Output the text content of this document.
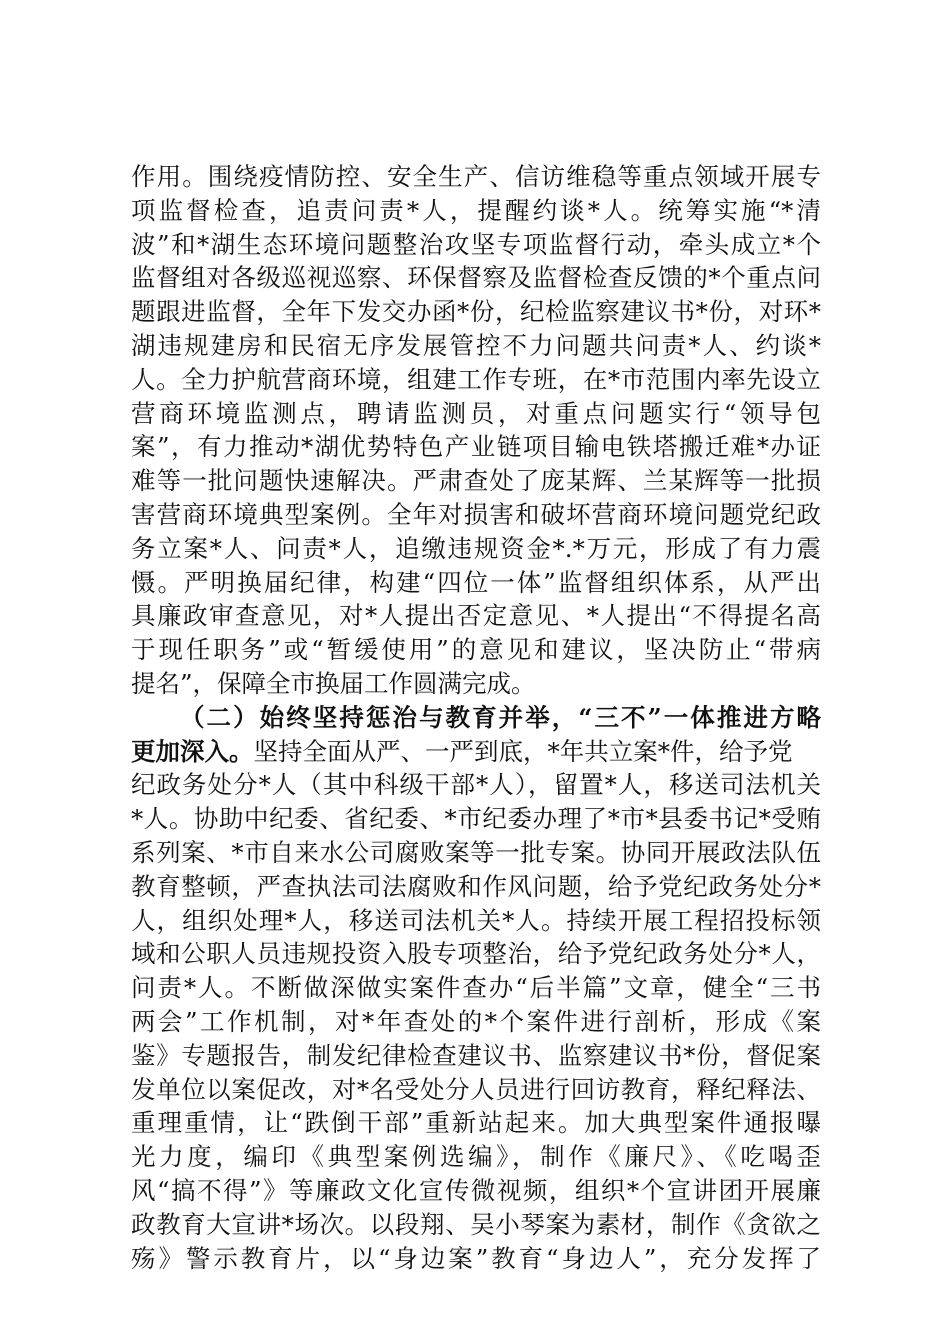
作用。围绕疫情防控、安全生产、信访维稳等重点领域开展专
项监督检查，追责问责*人，提醒约谈*人。统筹实施“*清
波”和*湖生态环境问题整治攻坚专项监督行动，牵头成立*个
监督组对各级巡视巡察、环保督察及监督检查反馈的*个重点问
题跟进监督，全年下发交办函*份，纪检监察建议书*份，对环*
湖违规建房和民宿无序发展管控不力问题共问责*人、约谈*
人。全力护航营商环境，组建工作专班，在*市范围内率先设立
营商环境监测点，聘请监测员，对重点问题实行“领导包
案”，有力推动*湖优势特色产业链项目输电铁塔搬迁难*办证
难等一批问题快速解决。严肃查处了庞某辉、兰某辉等一批损
害营商环境典型案例。全年对损害和破坏营商环境问题党纪政
务立案*人、问责*人，追缴违规资金*.*万元，形成了有力震
慑。严明换届纪律，构建“四位一体”监督组织体系，从严出
具廉政审查意见，对*人提出否定意见、*人提出“不得提名高
于现任职务”或“暂缓使用”的意见和建议，坚决防止“带病
提名”，保障全市换届工作圆满完成。
（二）始终坚持惩治与教育并举，“三不”一体推进方略
更加深入。坚持全面从严、一严到底，*年共立案*件，给予党
纪政务处分*人（其中科级干部*人），留置*人，移送司法机关
*人。协助中纪委、省纪委、*市纪委办理了*市*县委书记*受贿
系列案、*市自来水公司腐败案等一批专案。协同开展政法队伍
教育整顿，严查执法司法腐败和作风问题，给予党纪政务处分*
人，组织处理*人，移送司法机关*人。持续开展工程招投标领
域和公职人员违规投资入股专项整治，给予党纪政务处分*人，
问责*人。不断做深做实案件查办“后半篇”文章，健全“三书
两会”工作机制，对*年查处的*个案件进行剖析，形成《案
鉴》专题报告，制发纪律检查建议书、监察建议书*份，督促案
发单位以案促改，对*名受处分人员进行回访教育，释纪释法、
重理重情，让“跌倒干部”重新站起来。加大典型案件通报曝
光力度，编印《典型案例选编》，制作《廉尺》、《吃喝歪
风“搞不得”》等廉政文化宣传微视频，组织*个宣讲团开展廉
政教育大宣讲*场次。以段翔、吴小琴案为素材，制作《贪欲之
殇》警示教育片，以“身边案”教育“身边人”，充分发挥了
